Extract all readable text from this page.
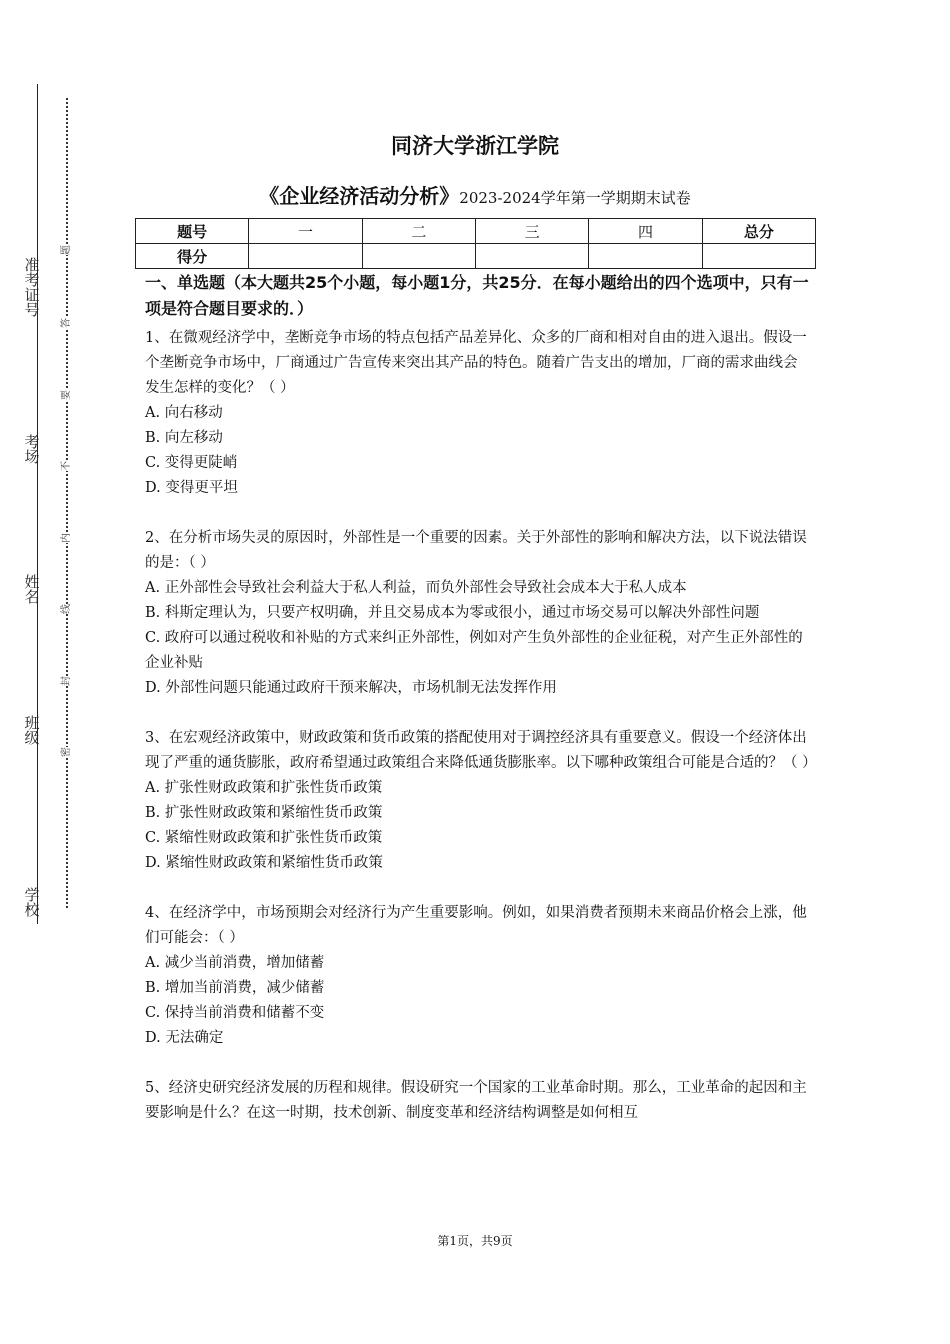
准考证号
考场
姓名
班级
学校
题
答
要
不
内
线
封
密
同济大学浙江学院
《企业经济活动分析》2023-2024学年第一学期期末试卷
题号	一	二	三	四	总分
得分					
一、单选题（本大题共25个小题，每小题1分，共25分．在每小题给出的四个选项中，只有一项是符合题目要求的．）
1、在微观经济学中，垄断竞争市场的特点包括产品差异化、众多的厂商和相对自由的进入退出。假设一个垄断竞争市场中，厂商通过广告宣传来突出其产品的特色。随着广告支出的增加，厂商的需求曲线会发生怎样的变化？（ ）
A. 向右移动
B. 向左移动
C. 变得更陡峭
D. 变得更平坦
2、在分析市场失灵的原因时，外部性是一个重要的因素。关于外部性的影响和解决方法，以下说法错误的是：（ ）
A. 正外部性会导致社会利益大于私人利益，而负外部性会导致社会成本大于私人成本
B. 科斯定理认为，只要产权明确，并且交易成本为零或很小，通过市场交易可以解决外部性问题
C. 政府可以通过税收和补贴的方式来纠正外部性，例如对产生负外部性的企业征税，对产生正外部性的企业补贴
D. 外部性问题只能通过政府干预来解决，市场机制无法发挥作用
3、在宏观经济政策中，财政政策和货币政策的搭配使用对于调控经济具有重要意义。假设一个经济体出现了严重的通货膨胀，政府希望通过政策组合来降低通货膨胀率。以下哪种政策组合可能是合适的？（ ）
A. 扩张性财政政策和扩张性货币政策
B. 扩张性财政政策和紧缩性货币政策
C. 紧缩性财政政策和扩张性货币政策
D. 紧缩性财政政策和紧缩性货币政策
4、在经济学中，市场预期会对经济行为产生重要影响。例如，如果消费者预期未来商品价格会上涨，他们可能会：（ ）
A. 减少当前消费，增加储蓄
B. 增加当前消费，减少储蓄
C. 保持当前消费和储蓄不变
D. 无法确定
5、经济史研究经济发展的历程和规律。假设研究一个国家的工业革命时期。那么，工业革命的起因和主要影响是什么？在这一时期，技术创新、制度变革和经济结构调整是如何相互
第1页，共9页
